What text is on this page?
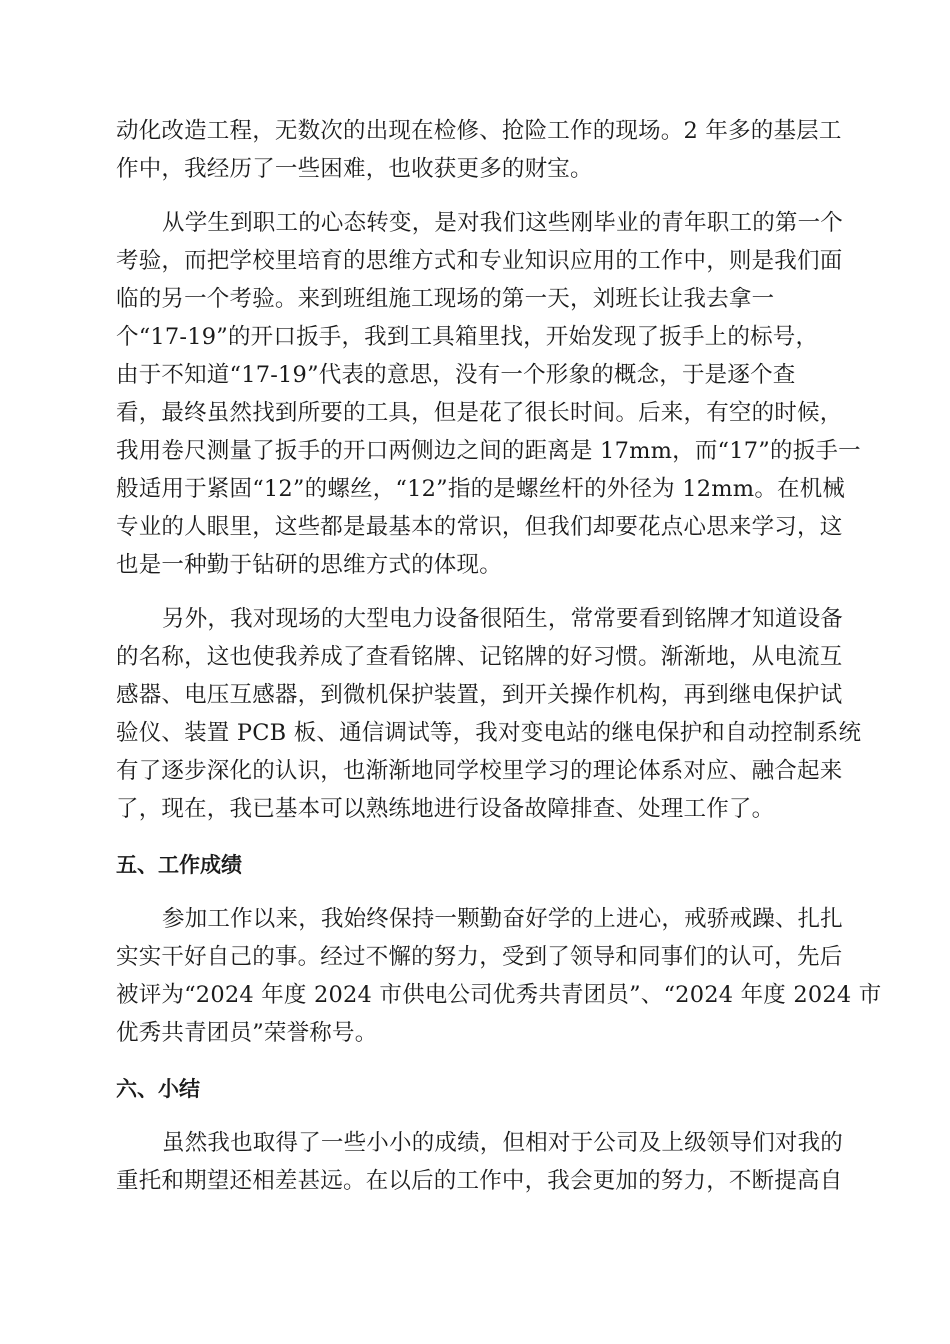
动化改造工程，无数次的出现在检修、抢险工作的现场。2 年多的基层工
作中，我经历了一些困难，也收获更多的财宝。
从学生到职工的心态转变，是对我们这些刚毕业的青年职工的第一个
考验，而把学校里培育的思维方式和专业知识应用的工作中，则是我们面
临的另一个考验。来到班组施工现场的第一天，刘班长让我去拿一
个“17-19”的开口扳手，我到工具箱里找，开始发现了扳手上的标号，
由于不知道“17-19”代表的意思，没有一个形象的概念，于是逐个查
看，最终虽然找到所要的工具，但是花了很长时间。后来，有空的时候，
我用卷尺测量了扳手的开口两侧边之间的距离是 17mm，而“17”的扳手一
般适用于紧固“12”的螺丝，“12”指的是螺丝杆的外径为 12mm。在机械
专业的人眼里，这些都是最基本的常识，但我们却要花点心思来学习，这
也是一种勤于钻研的思维方式的体现。
另外，我对现场的大型电力设备很陌生，常常要看到铭牌才知道设备
的名称，这也使我养成了查看铭牌、记铭牌的好习惯。渐渐地，从电流互
感器、电压互感器，到微机保护装置，到开关操作机构，再到继电保护试
验仪、装置 PCB 板、通信调试等，我对变电站的继电保护和自动控制系统
有了逐步深化的认识，也渐渐地同学校里学习的理论体系对应、融合起来
了，现在，我已基本可以熟练地进行设备故障排查、处理工作了。
五、工作成绩
参加工作以来，我始终保持一颗勤奋好学的上进心，戒骄戒躁、扎扎
实实干好自己的事。经过不懈的努力，受到了领导和同事们的认可，先后
被评为“2024 年度 2024 市供电公司优秀共青团员”、“2024 年度 2024 市
优秀共青团员”荣誉称号。
六、小结
虽然我也取得了一些小小的成绩，但相对于公司及上级领导们对我的
重托和期望还相差甚远。在以后的工作中，我会更加的努力，不断提高自
